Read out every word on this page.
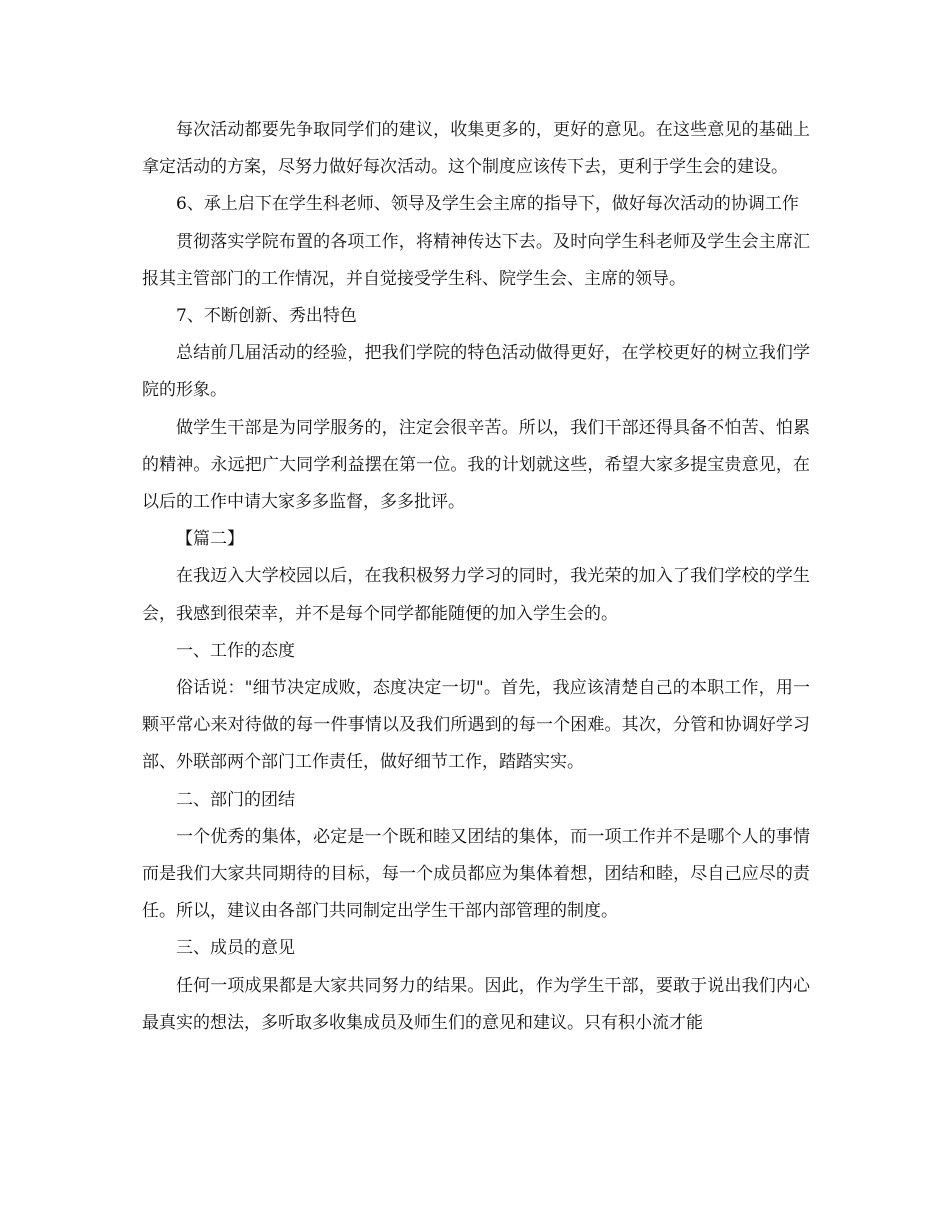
每次活动都要先争取同学们的建议，收集更多的，更好的意见。在这些意见的基础上拿定活动的方案，尽努力做好每次活动。这个制度应该传下去，更利于学生会的建设。

6、承上启下在学生科老师、领导及学生会主席的指导下，做好每次活动的协调工作

贯彻落实学院布置的各项工作，将精神传达下去。及时向学生科老师及学生会主席汇报其主管部门的工作情况，并自觉接受学生科、院学生会、主席的领导。

7、不断创新、秀出特色

总结前几届活动的经验，把我们学院的特色活动做得更好，在学校更好的树立我们学院的形象。

做学生干部是为同学服务的，注定会很辛苦。所以，我们干部还得具备不怕苦、怕累的精神。永远把广大同学利益摆在第一位。我的计划就这些，希望大家多提宝贵意见，在以后的工作中请大家多多监督，多多批评。

【篇二】

在我迈入大学校园以后，在我积极努力学习的同时，我光荣的加入了我们学校的学生会，我感到很荣幸，并不是每个同学都能随便的加入学生会的。

一、工作的态度

俗话说："细节决定成败，态度决定一切"。首先，我应该清楚自己的本职工作，用一颗平常心来对待做的每一件事情以及我们所遇到的每一个困难。其次，分管和协调好学习部、外联部两个部门工作责任，做好细节工作，踏踏实实。

二、部门的团结

一个优秀的集体，必定是一个既和睦又团结的集体，而一项工作并不是哪个人的事情而是我们大家共同期待的目标，每一个成员都应为集体着想，团结和睦，尽自己应尽的责任。所以，建议由各部门共同制定出学生干部内部管理的制度。

三、成员的意见

任何一项成果都是大家共同努力的结果。因此，作为学生干部，要敢于说出我们内心最真实的想法，多听取多收集成员及师生们的意见和建议。只有积小流才能
